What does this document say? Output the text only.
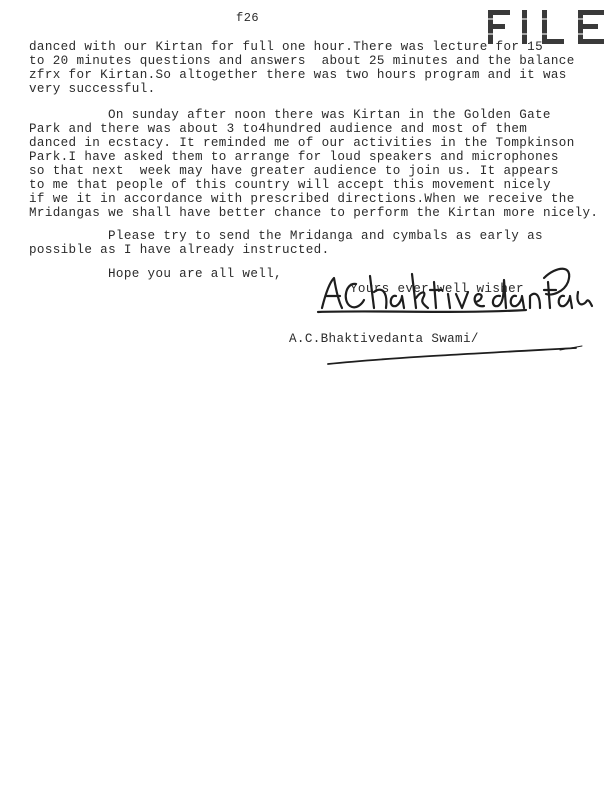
f26
danced with our Kirtan for full one hour.There was lecture for 15
to 20 minutes questions and answers  about 25 minutes and the balance
zfrx for Kirtan.So altogether there was two hours program and it was
very successful.
On sunday after noon there was Kirtan in the Golden Gate
Park and there was about 3 to4hundred audience and most of them
danced in ecstacy. It reminded me of our activities in the Tompkinson
Park.I have asked them to arrange for loud speakers and microphones
so that next  week may have greater audience to join us. It appears
to me that people of this country will accept this movement nicely
if we it in accordance with prescribed directions.When we receive the
Mridangas we shall have better chance to perform the Kirtan more nicely.
Please try to send the Mridanga and cymbals as early as
possible as I have already instructed.
Hope you are all well,
Yours ever well wisher
A.C.Bhaktivedanta Swami/
